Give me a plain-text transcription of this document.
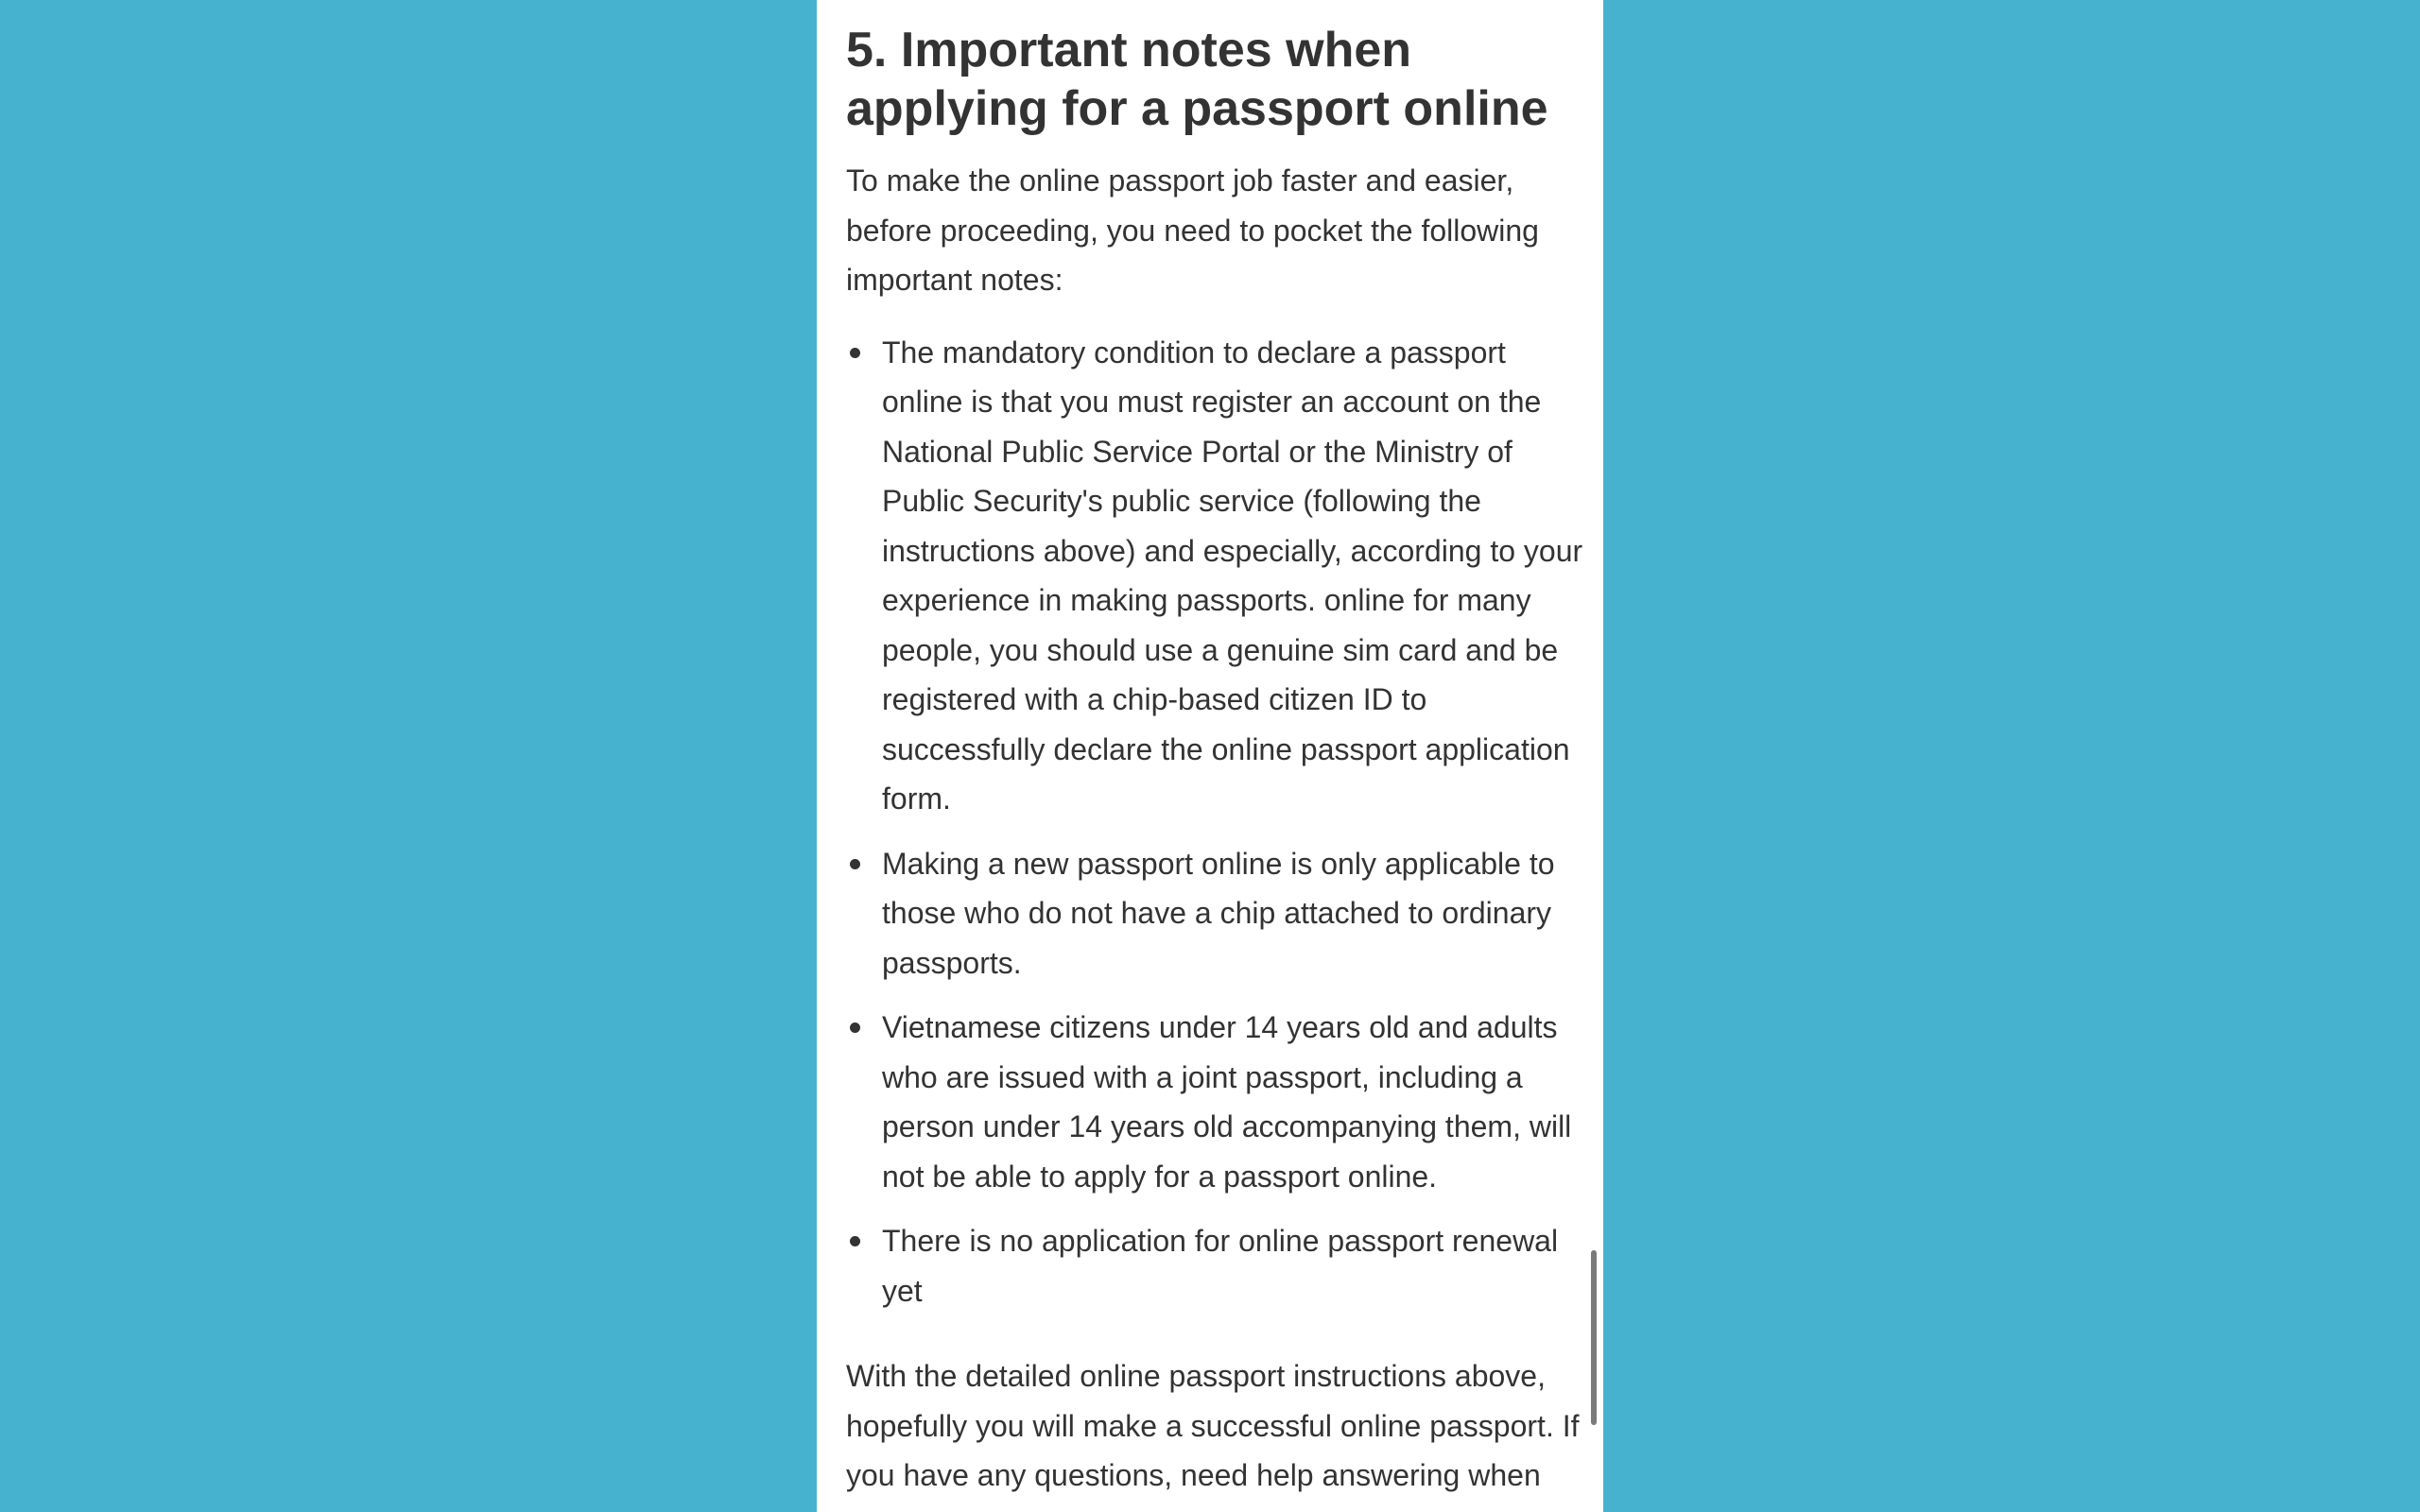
5. Important notes when applying for a passport online

To make the online passport job faster and easier, before proceeding, you need to pocket the following important notes:

The mandatory condition to declare a passport online is that you must register an account on the National Public Service Portal or the Ministry of Public Security's public service (following the instructions above) and especially, according to your experience in making passports. online for many people, you should use a genuine sim card and be registered with a chip-based citizen ID to successfully declare the online passport application form.
Making a new passport online is only applicable to those who do not have a chip attached to ordinary passports.
Vietnamese citizens under 14 years old and adults who are issued with a joint passport, including a person under 14 years old accompanying them, will not be able to apply for a passport online.
There is no application for online passport renewal yet

With the detailed online passport instructions above, hopefully you will make a successful online passport. If you have any questions, need help answering when
